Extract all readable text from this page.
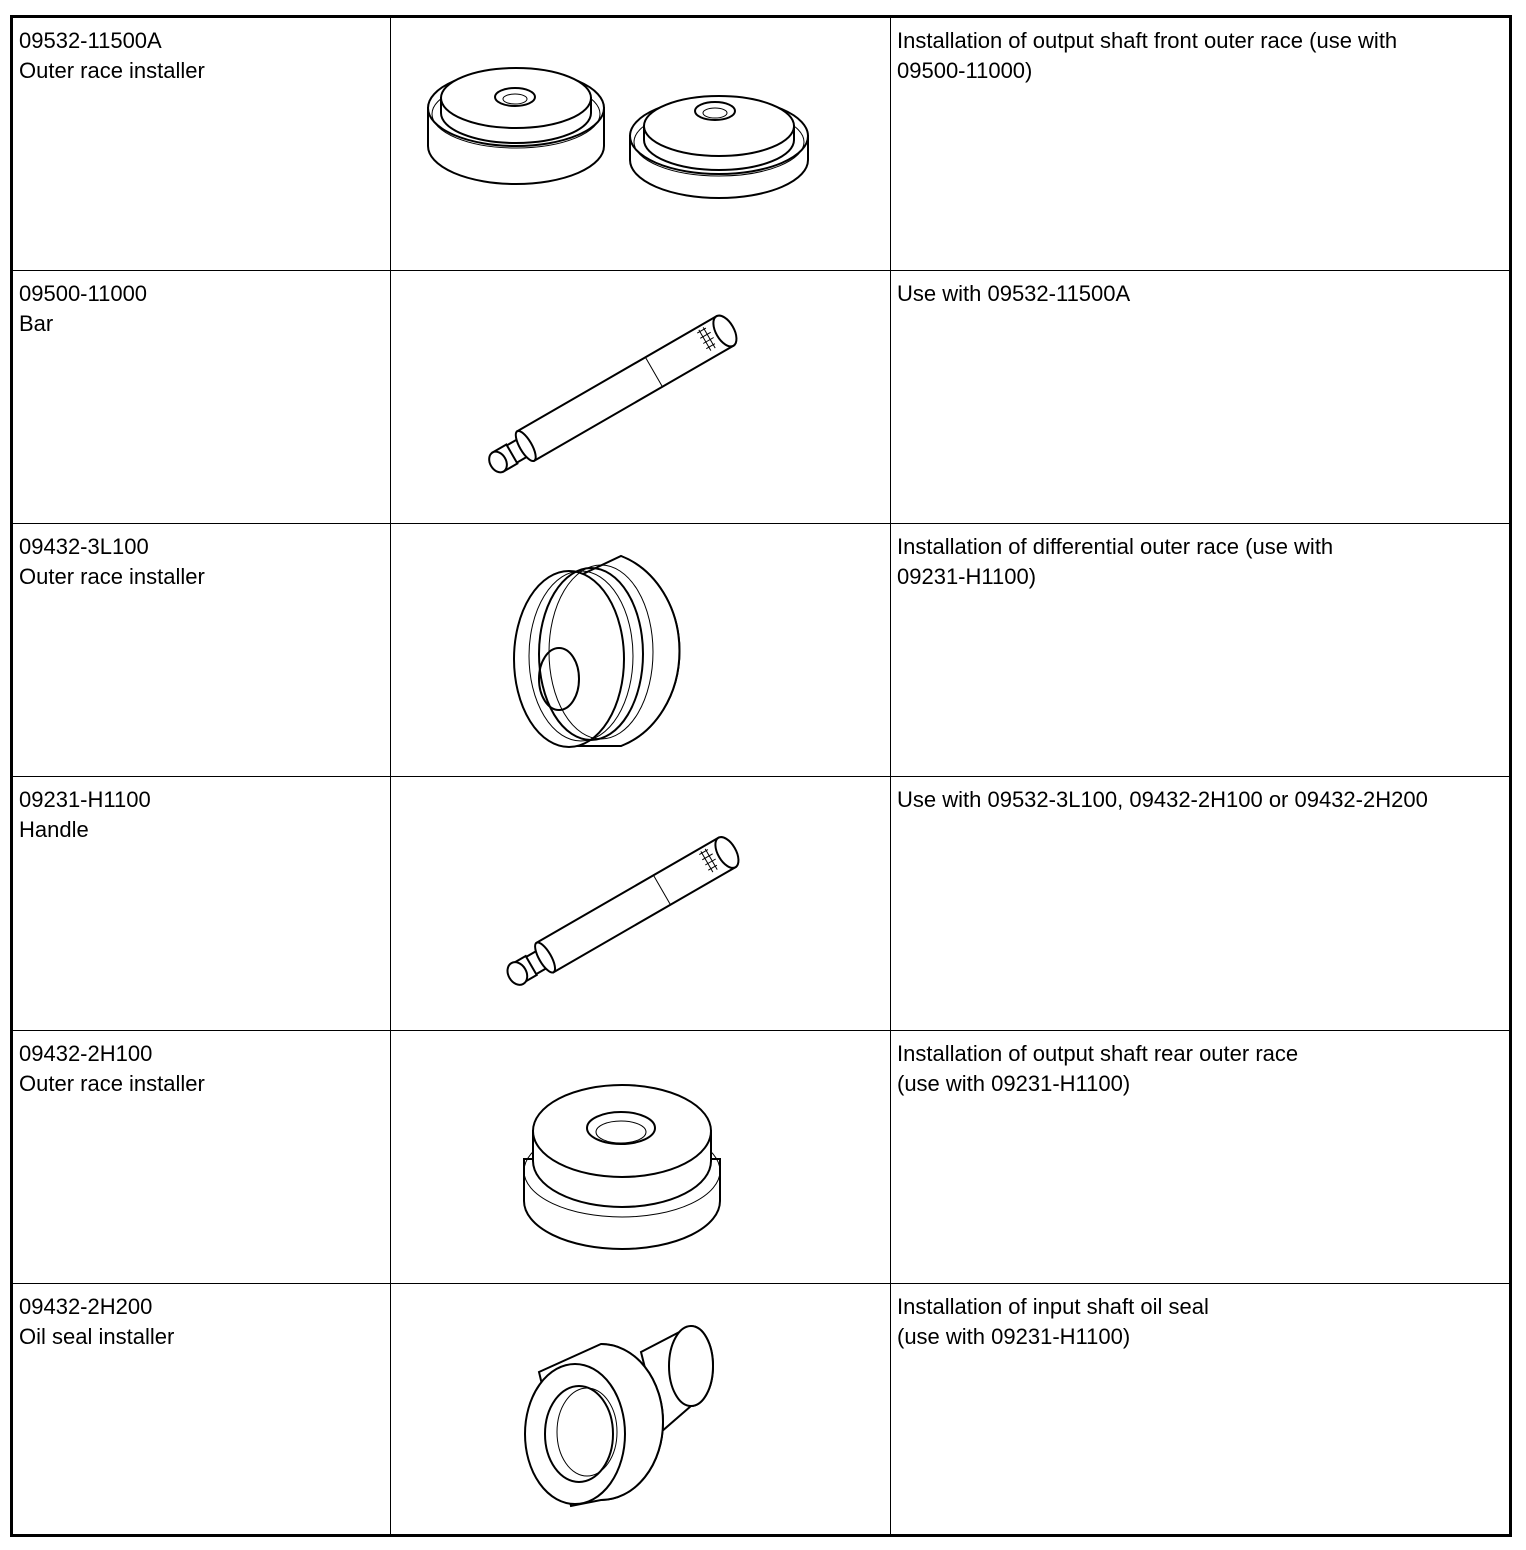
09532-11500A
Outer race installer
Installation of output shaft front outer race (use with
09500-11000)
09500-11000
Bar
Use with 09532-11500A
09432-3L100
Outer race installer
Installation of differential outer race (use with
09231-H1100)
09231-H1100
Handle
Use with 09532-3L100, 09432-2H100 or 09432-2H200
09432-2H100
Outer race installer
Installation of output shaft rear outer race
(use with 09231-H1100)
09432-2H200
Oil seal installer
Installation of input shaft oil seal
(use with 09231-H1100)
